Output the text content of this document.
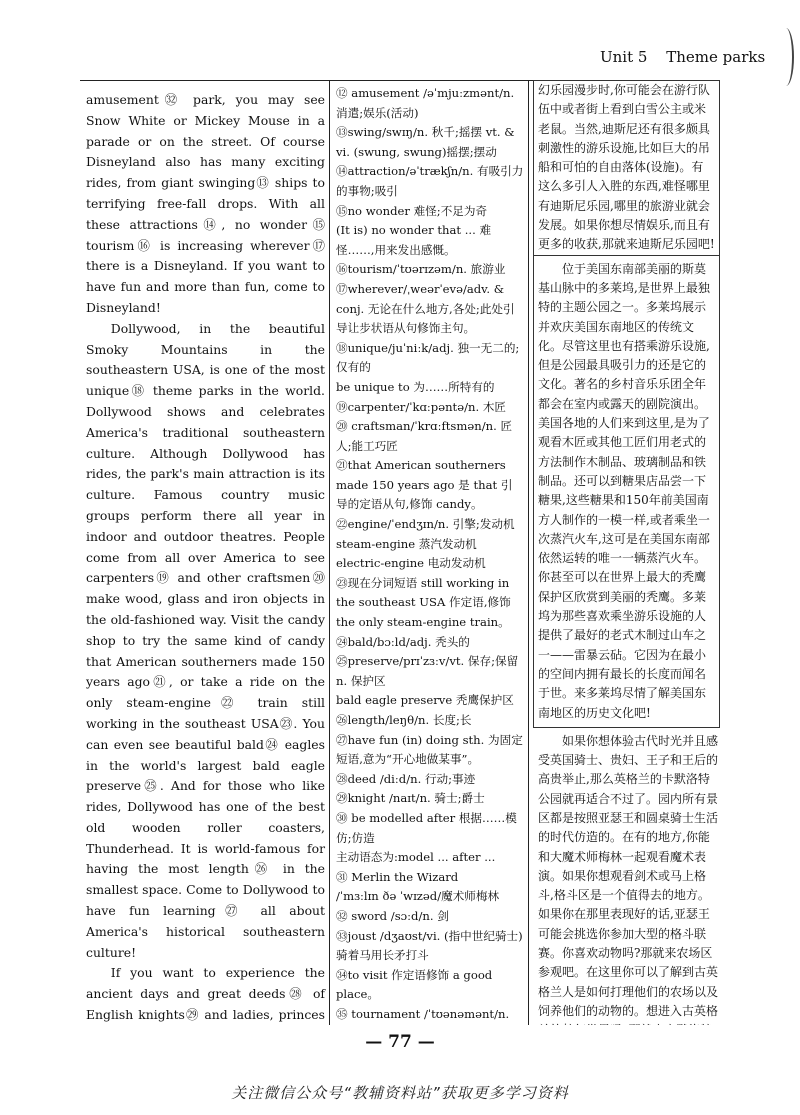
Unit 5 Theme parks

amusement㉜ park, you may see Snow White or Mickey Mouse in a parade or on the street. Of course Disneyland also has many exciting rides, from giant swinging⑬ ships to terrifying free-fall drops. With all these attractions⑭, no wonder⑮ tourism⑯ is increasing wherever⑰ there is a Disneyland. If you want to have fun and more than fun, come to Disneyland!

Dollywood, in the beautiful Smoky Mountains in the southeastern USA, is one of the most unique⑱ theme parks in the world. Dollywood shows and celebrates America's traditional southeastern culture. Although Dollywood has rides, the park's main attraction is its culture. Famous country music groups perform there all year in indoor and outdoor theatres. People come from all over America to see carpenters⑲ and other craftsmen⑳ make wood, glass and iron objects in the old-fashioned way. Visit the candy shop to try the same kind of candy that American southerners made 150 years ago㉑, or take a ride on the only steam-engine㉒ train still working in the southeast USA㉓. You can even see beautiful bald㉔ eagles in the world's largest bald eagle preserve㉕. And for those who like rides, Dollywood has one of the best old wooden roller coasters, Thunderhead. It is world-famous for having the most length㉖ in the smallest space. Come to Dollywood to have fun learning㉗ all about America's historical southeastern culture!

If you want to experience the ancient days and great deeds㉘ of English knights㉙ and ladies, princes

⑫ amusement /əˈmjuːzmənt/n. 消遣;娱乐(活动)

⑬swing/swɪŋ/n. 秋千;摇摆 vt. & vi. (swung, swung)摇摆;摆动

⑭attraction/əˈtrækʃn/n. 有吸引力的事物;吸引

⑮no wonder 难怪;不足为奇

(It is) no wonder that ... 难怪……,用来发出感慨。

⑯tourism/ˈtʊərɪzəm/n. 旅游业

⑰wherever/ˌweərˈevə/adv. & conj. 无论在什么地方,各处;此处引导让步状语从句修饰主句。

⑱unique/juˈniːk/adj. 独一无二的;仅有的

be unique to 为……所特有的

⑲carpenter/ˈkɑːpəntə/n. 木匠

⑳ craftsman/ˈkrɑːftsmən/n. 匠人;能工巧匠

㉑that American southerners made 150 years ago 是 that 引导的定语从句,修饰 candy。

㉒engine/ˈendʒɪn/n. 引擎;发动机

steam-engine 蒸汽发动机

electric-engine 电动发动机

㉓现在分词短语 still working in the southeast USA 作定语,修饰 the only steam-engine train。

㉔bald/bɔːld/adj. 秃头的

㉕preserve/prɪˈzɜːv/vt. 保存;保留 n. 保护区

bald eagle preserve 秃鹰保护区

㉖length/leŋθ/n. 长度;长

㉗have fun (in) doing sth. 为固定短语,意为“开心地做某事”。

㉘deed /diːd/n. 行动;事迹

㉙knight /naɪt/n. 骑士;爵士

㉚ be modelled after 根据……模仿;仿造

主动语态为:model ... after ...

㉛ Merlin the Wizard

/ˈmɜːlɪn ðə ˈwɪzəd/魔术师梅林

㉜ sword /sɔːd/n. 剑

㉝joust /dʒaʊst/vi. (指中世纪骑士)骑着马用长矛打斗

㉞to visit 作定语修饰 a good place。

㉟ tournament /ˈtʊənəmənt/n.

幻乐园漫步时,你可能会在游行队伍中或者街上看到白雪公主或米老鼠。当然,迪斯尼还有很多颇具刺激性的游乐设施,比如巨大的吊船和可怕的自由落体(设施)。有这么多引人入胜的东西,难怪哪里有迪斯尼乐园,哪里的旅游业就会发展。如果你想尽情娱乐,而且有更多的收获,那就来迪斯尼乐园吧!

位于美国东南部美丽的斯莫基山脉中的多莱坞,是世界上最独特的主题公园之一。多莱坞展示并欢庆美国东南地区的传统文化。尽管这里也有搭乘游乐设施,但是公园最具吸引力的还是它的文化。著名的乡村音乐乐团全年都会在室内或露天的剧院演出。美国各地的人们来到这里,是为了观看木匠或其他工匠们用老式的方法制作木制品、玻璃制品和铁制品。还可以到糖果店品尝一下糖果,这些糖果和150年前美国南方人制作的一模一样,或者乘坐一次蒸汽火车,这可是在美国东南部依然运转的唯一一辆蒸汽火车。你甚至可以在世界上最大的秃鹰保护区欣赏到美丽的秃鹰。多莱坞为那些喜欢乘坐游乐设施的人提供了最好的老式木制过山车之一——雷暴云砧。它因为在最小的空间内拥有最长的长度而闻名于世。来多莱坞尽情了解美国东南地区的历史文化吧!

如果你想体验古代时光并且感受英国骑士、贵妇、王子和王后的高贵举止,那么英格兰的卡默洛特公园就再适合不过了。园内所有景区都是按照亚瑟王和圆桌骑士生活的时代仿造的。在有的地方,你能和大魔术师梅林一起观看魔术表演。如果你想观看剑术或马上格斗,格斗区是一个值得去的地方。如果你在那里表现好的话,亚瑟王可能会挑选你参加大型的格斗联赛。你喜欢动物吗?那就来农场区参观吧。在这里你可以了解到古英格兰人是如何打理他们的农场以及饲养他们的动物的。想进入古英格

— 77 —
关注微信公众号“教辅资料站”获取更多学习资料
